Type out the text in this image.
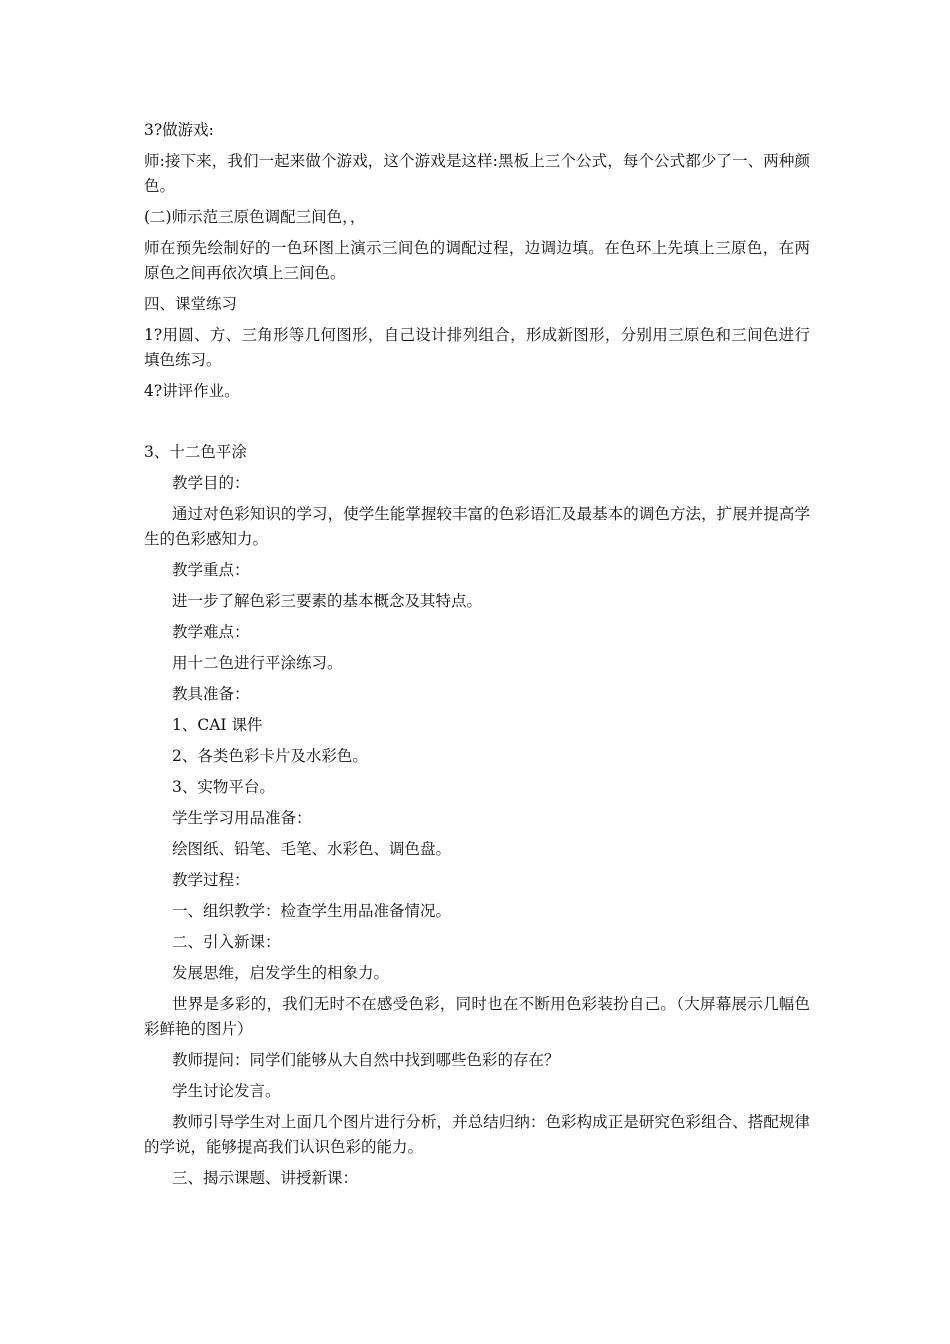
3?做游戏:

师:接下来，我们一起来做个游戏，这个游戏是这样:黑板上三个公式，每个公式都少了一、两种颜色。

(二)师示范三原色调配三间色，，

师在预先绘制好的一色环图上演示三间色的调配过程，边调边填。在色环上先填上三原色，在两原色之间再依次填上三间色。

四、课堂练习

1?用圆、方、三角形等几何图形，自己设计排列组合，形成新图形，分别用三原色和三间色进行填色练习。

4?讲评作业。

3、十二色平涂

教学目的：

通过对色彩知识的学习，使学生能掌握较丰富的色彩语汇及最基本的调色方法，扩展并提高学生的色彩感知力。

教学重点：

进一步了解色彩三要素的基本概念及其特点。

教学难点：

用十二色进行平涂练习。

教具准备：

1、CAI 课件

2、各类色彩卡片及水彩色。

3、实物平台。

学生学习用品准备：

绘图纸、铅笔、毛笔、水彩色、调色盘。

教学过程：

一、组织教学：检查学生用品准备情况。

二、引入新课：

发展思维，启发学生的相象力。

世界是多彩的，我们无时不在感受色彩，同时也在不断用色彩装扮自己。（大屏幕展示几幅色彩鲜艳的图片）

教师提问：同学们能够从大自然中找到哪些色彩的存在？

学生讨论发言。

教师引导学生对上面几个图片进行分析，并总结归纳：色彩构成正是研究色彩组合、搭配规律的学说，能够提高我们认识色彩的能力。

三、揭示课题、讲授新课：
